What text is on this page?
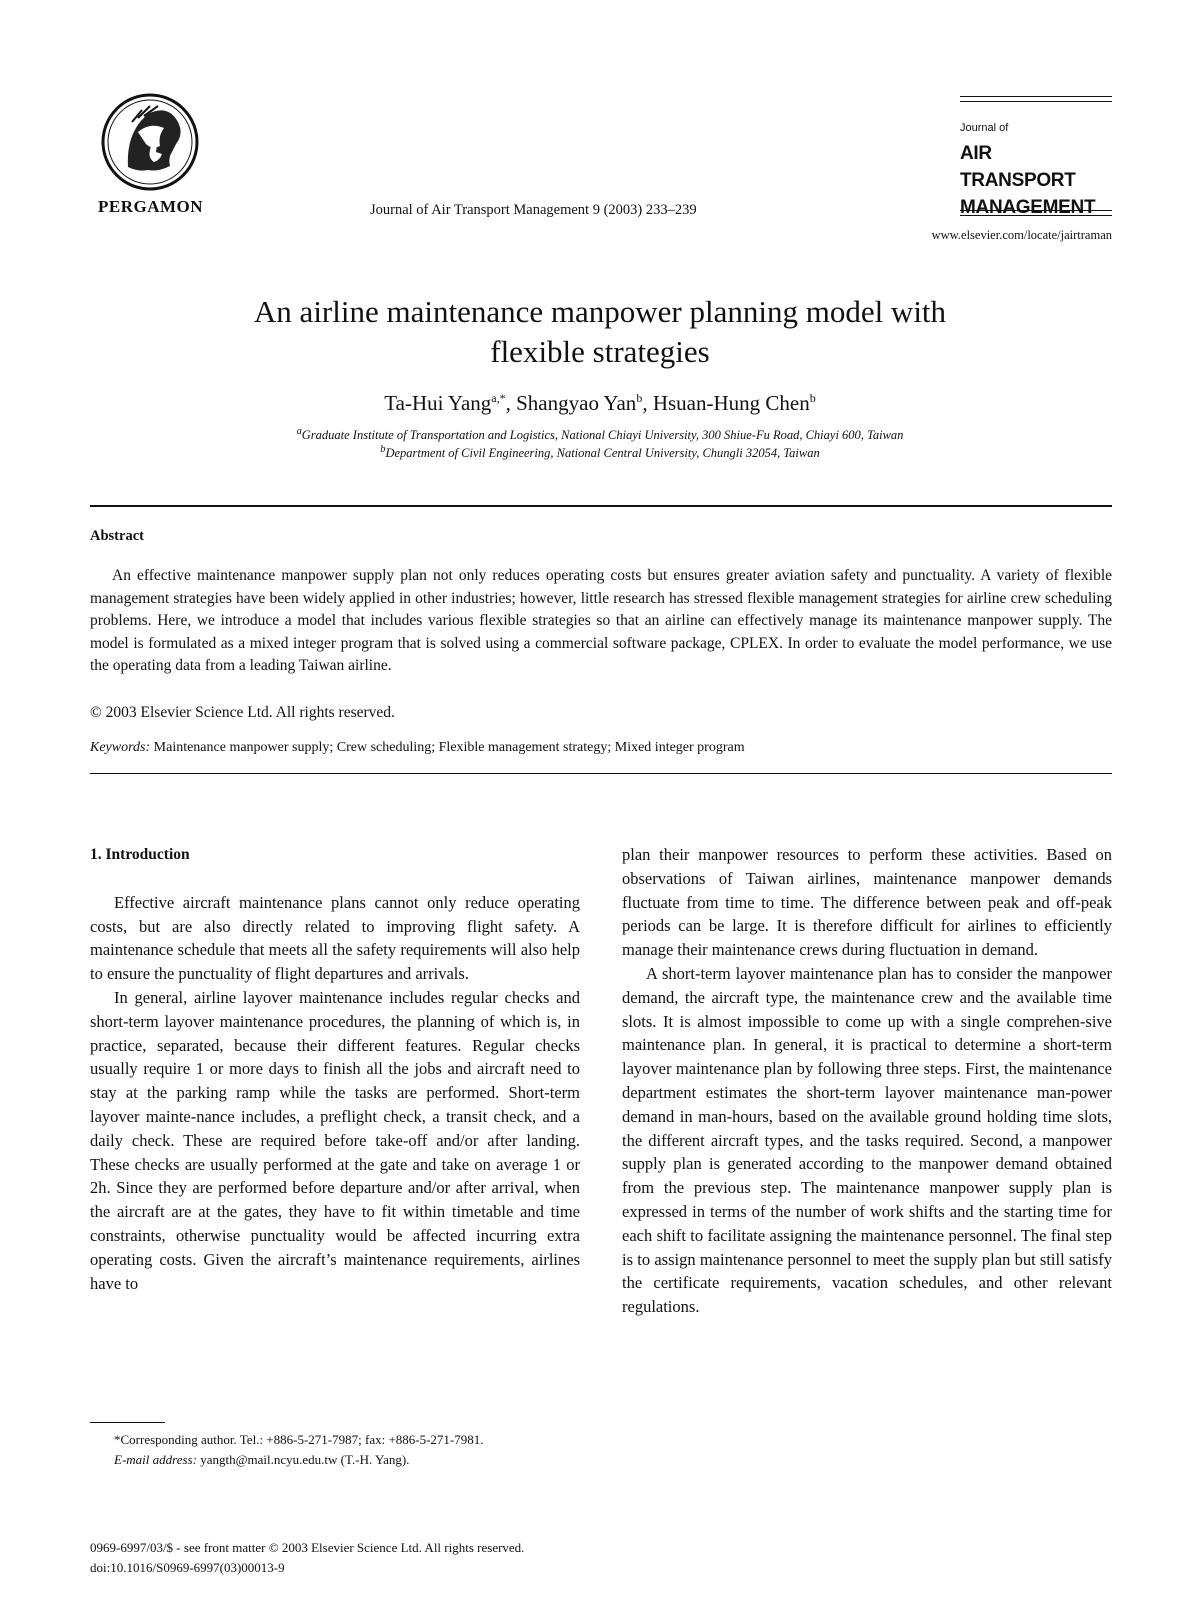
PERGAMON	Journal of Air Transport Management 9 (2003) 233–239
Journal of
AIR TRANSPORT
MANAGEMENT
www.elsevier.com/locate/jairtraman
An airline maintenance manpower planning model with
flexible strategies
Ta-Hui Yang$^{a,*}$, Shangyao Yan$^b$, Hsuan-Hung Chen$^b$
$^a$Graduate Institute of Transportation and Logistics, National Chiayi University, 300 Shiue-Fu Road, Chiayi 600, Taiwan
$^b$Department of Civil Engineering, National Central University, Chungli 32054, Taiwan
Abstract

An effective maintenance manpower supply plan not only reduces operating costs but ensures greater aviation safety and punctuality. A variety of flexible management strategies have been widely applied in other industries; however, little research has stressed flexible management strategies for airline crew scheduling problems. Here, we introduce a model that includes various flexible strategies so that an airline can effectively manage its maintenance manpower supply. The model is formulated as a mixed integer program that is solved using a commercial software package, CPLEX. In order to evaluate the model performance, we use the operating data from a leading Taiwan airline.

© 2003 Elsevier Science Ltd. All rights reserved.
Keywords: Maintenance manpower supply; Crew scheduling; Flexible management strategy; Mixed integer program

1. Introduction

Effective aircraft maintenance plans cannot only reduce operating costs, but are also directly related to improving flight safety. A maintenance schedule that meets all the safety requirements will also help to ensure the punctuality of flight departures and arrivals.

In general, airline layover maintenance includes regular checks and short-term layover maintenance procedures, the planning of which is, in practice, separated, because their different features. Regular checks usually require 1 or more days to finish all the jobs and aircraft need to stay at the parking ramp while the tasks are performed. Short-term layover mainte-nance includes, a preflight check, a transit check, and a daily check. These are required before take-off and/or after landing. These checks are usually performed at the gate and take on average 1 or 2h. Since they are performed before departure and/or after arrival, when the aircraft are at the gates, they have to fit within timetable and time constraints, otherwise punctuality would be affected incurring extra operating costs. Given the aircraft’s maintenance requirements, airlines have to

plan their manpower resources to perform these activities. Based on observations of Taiwan airlines, maintenance manpower demands fluctuate from time to time. The difference between peak and off-peak periods can be large. It is therefore difficult for airlines to efficiently manage their maintenance crews during fluctuation in demand.

A short-term layover maintenance plan has to consider the manpower demand, the aircraft type, the maintenance crew and the available time slots. It is almost impossible to come up with a single comprehen-sive maintenance plan. In general, it is practical to determine a short-term layover maintenance plan by following three steps. First, the maintenance department estimates the short-term layover maintenance man-power demand in man-hours, based on the available ground holding time slots, the different aircraft types, and the tasks required. Second, a manpower supply plan is generated according to the manpower demand obtained from the previous step. The maintenance manpower supply plan is expressed in terms of the number of work shifts and the starting time for each shift to facilitate assigning the maintenance personnel. The final step is to assign maintenance personnel to meet the supply plan but still satisfy the certificate requirements, vacation schedules, and other relevant regulations.

*Corresponding author. Tel.: +886-5-271-7987; fax: +886-5-271-7981.

E-mail address: yangth@mail.ncyu.edu.tw (T.-H. Yang).

0969-6997/03/$ - see front matter © 2003 Elsevier Science Ltd. All rights reserved.
doi:10.1016/S0969-6997(03)00013-9
